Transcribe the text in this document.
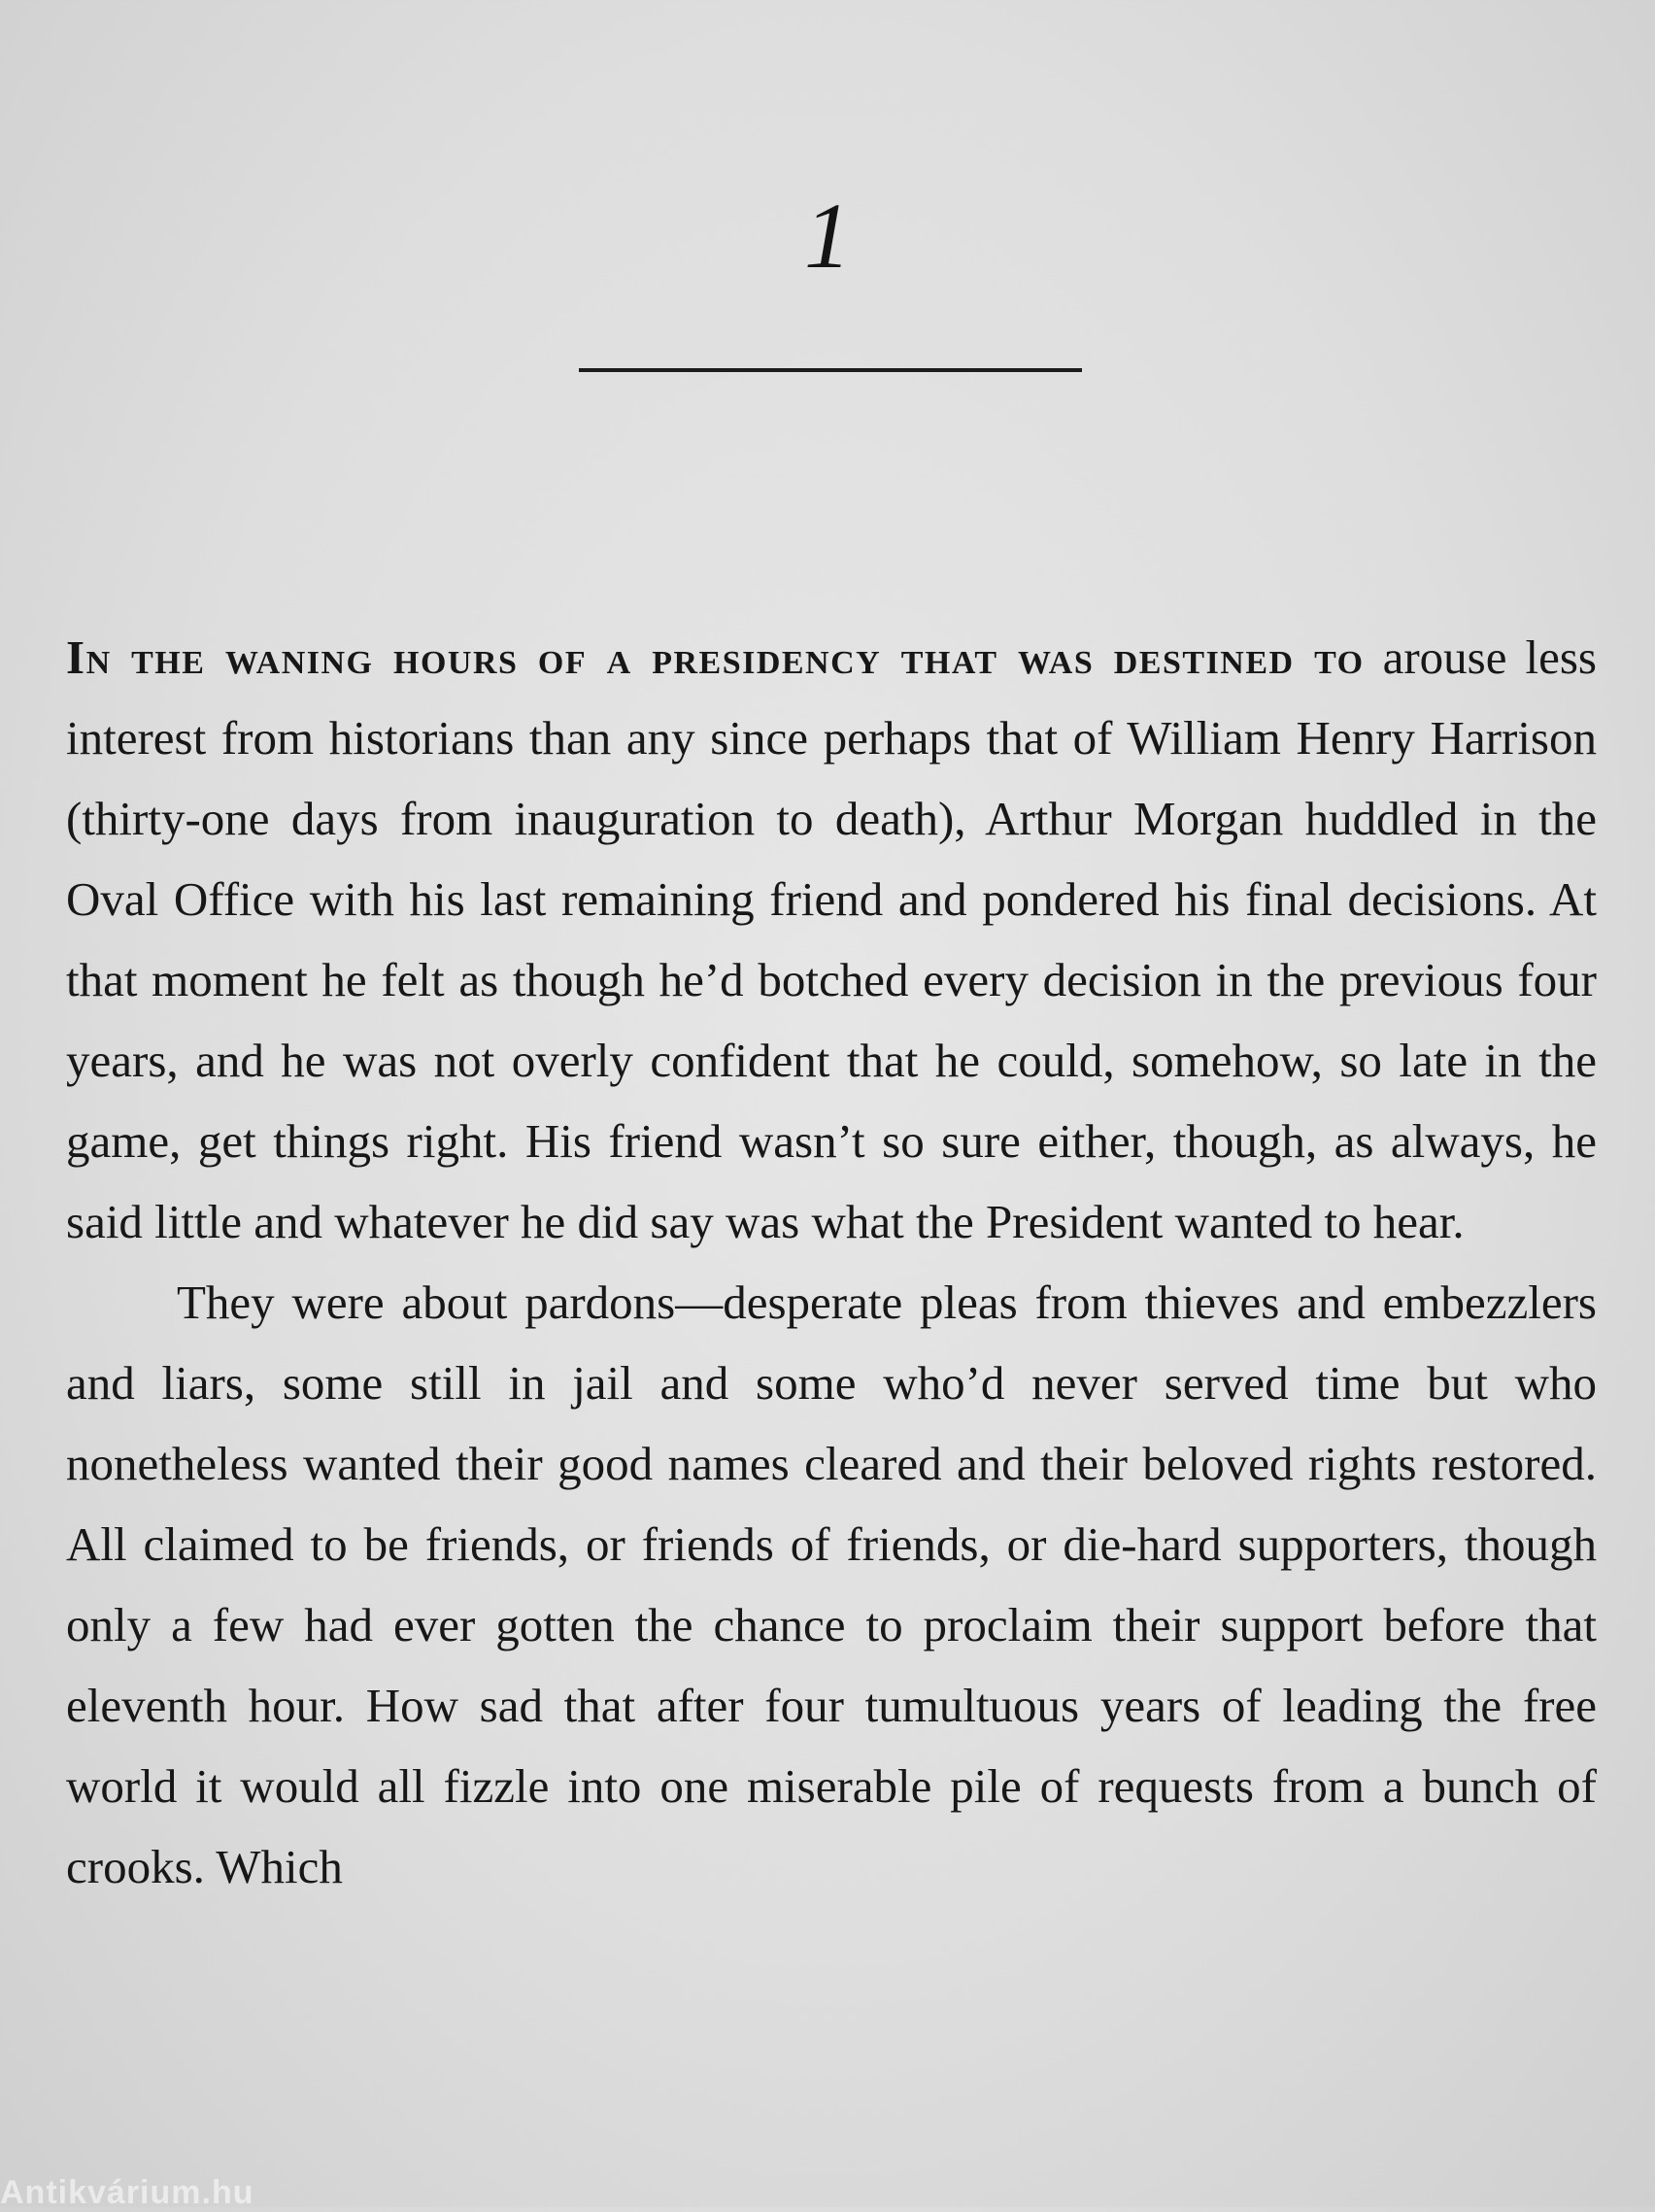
1

In the waning hours of a presidency that was destined to arouse less interest from historians than any since perhaps that of William Henry Harrison (thirty-one days from inauguration to death), Arthur Morgan huddled in the Oval Office with his last remaining friend and pondered his final decisions. At that moment he felt as though he’d botched every decision in the previous four years, and he was not overly confident that he could, somehow, so late in the game, get things right. His friend wasn’t so sure either, though, as always, he said little and whatever he did say was what the President wanted to hear.

They were about pardons—desperate pleas from thieves and embezzlers and liars, some still in jail and some who’d never served time but who nonetheless wanted their good names cleared and their beloved rights restored. All claimed to be friends, or friends of friends, or die-hard supporters, though only a few had ever gotten the chance to proclaim their support before that eleventh hour. How sad that after four tumultuous years of leading the free world it would all fizzle into one miserable pile of requests from a bunch of crooks. Which

Antikvárium.hu
